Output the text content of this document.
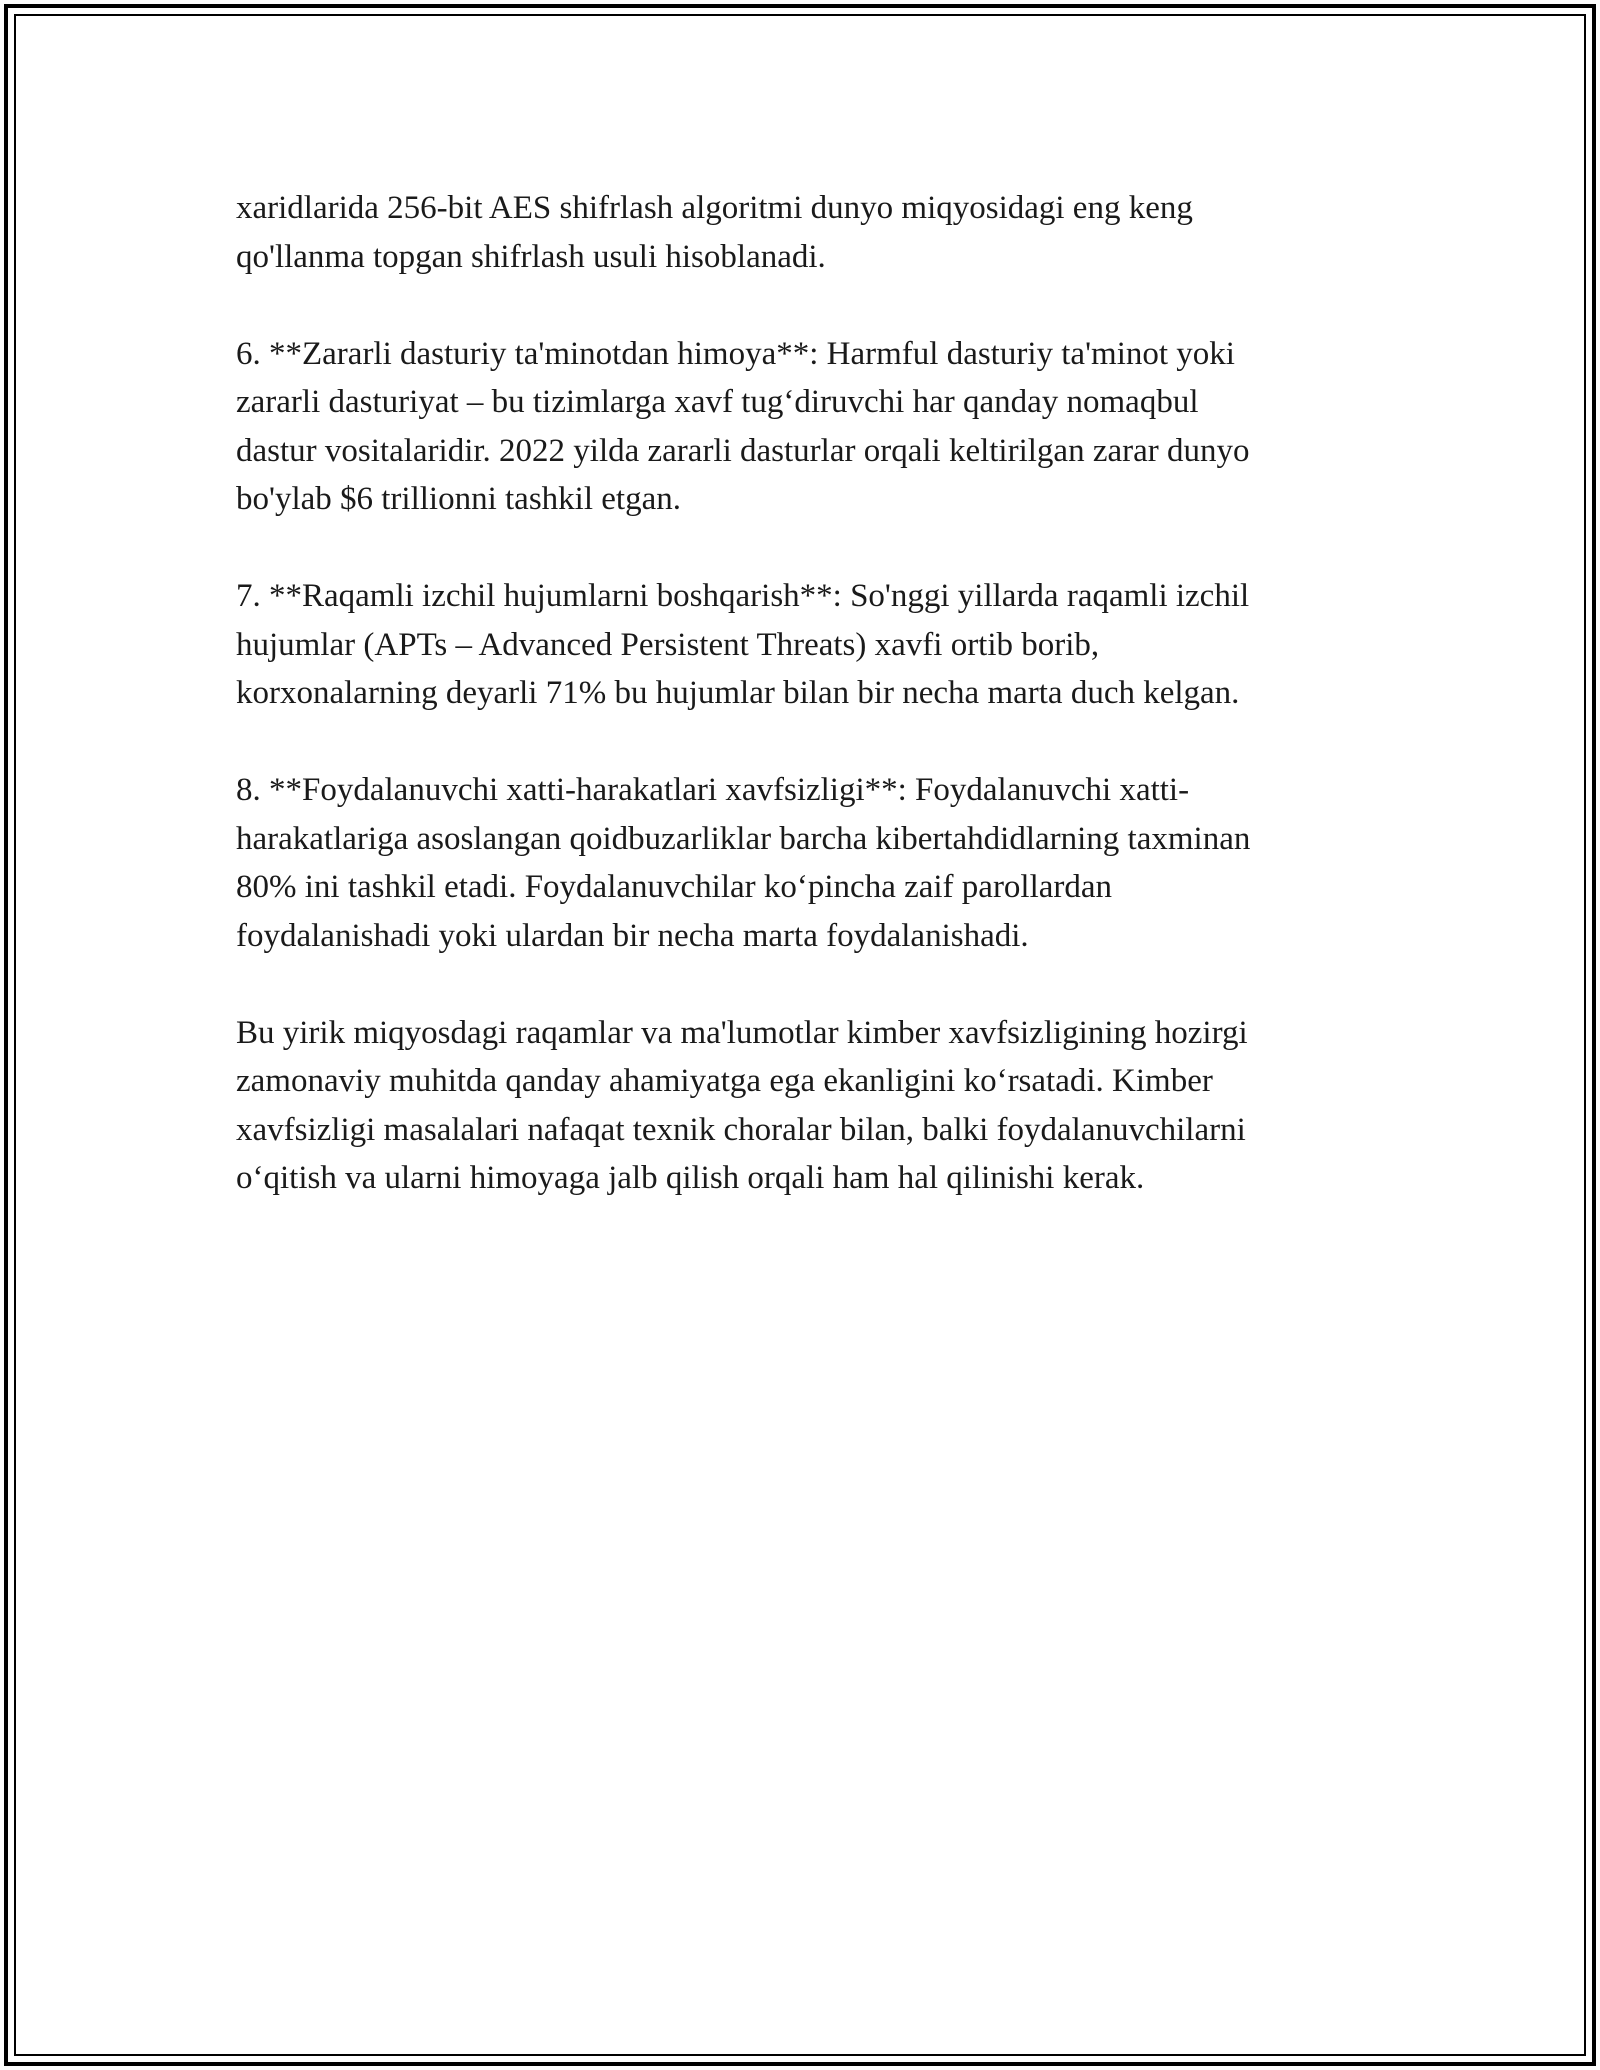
xaridlarida 256-bit AES shifrlash algoritmi dunyo miqyosidagi eng keng
qo'llanma topgan shifrlash usuli hisoblanadi.

6. **Zararli dasturiy ta'minotdan himoya**: Harmful dasturiy ta'minot yoki
zararli dasturiyat – bu tizimlarga xavf tug‘diruvchi har qanday nomaqbul
dastur vositalaridir. 2022 yilda zararli dasturlar orqali keltirilgan zarar dunyo
bo'ylab $6 trillionni tashkil etgan.

7. **Raqamli izchil hujumlarni boshqarish**: So'nggi yillarda raqamli izchil
hujumlar (APTs – Advanced Persistent Threats) xavfi ortib borib,
korxonalarning deyarli 71% bu hujumlar bilan bir necha marta duch kelgan.

8. **Foydalanuvchi xatti-harakatlari xavfsizligi**: Foydalanuvchi xatti-
harakatlariga asoslangan qoidbuzarliklar barcha kibertahdidlarning taxminan
80% ini tashkil etadi. Foydalanuvchilar ko‘pincha zaif parollardan
foydalanishadi yoki ulardan bir necha marta foydalanishadi.

Bu yirik miqyosdagi raqamlar va ma'lumotlar kimber xavfsizligining hozirgi
zamonaviy muhitda qanday ahamiyatga ega ekanligini ko‘rsatadi. Kimber
xavfsizligi masalalari nafaqat texnik choralar bilan, balki foydalanuvchilarni
o‘qitish va ularni himoyaga jalb qilish orqali ham hal qilinishi kerak.
